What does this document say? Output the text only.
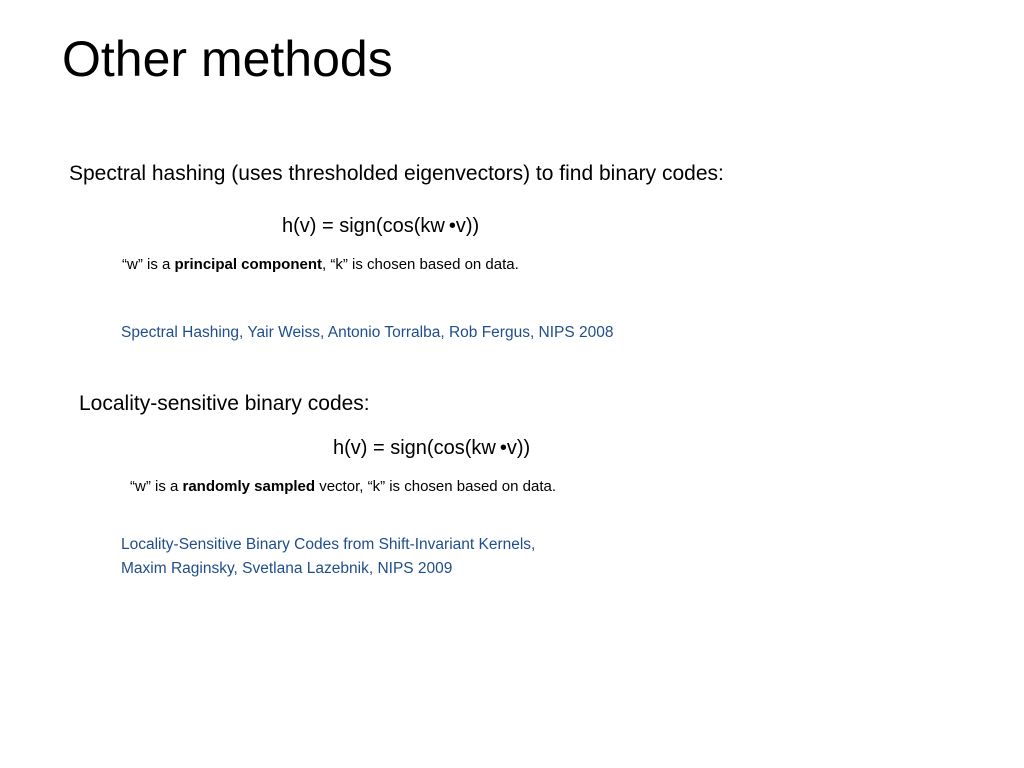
Other methods
Spectral hashing (uses thresholded eigenvectors) to find binary codes:
h(v) = sign(cos(kw •v))
“w” is a principal component, “k” is chosen based on data.
Spectral Hashing, Yair Weiss, Antonio Torralba, Rob Fergus, NIPS 2008
Locality-sensitive binary codes:
h(v) = sign(cos(kw •v))
“w” is a randomly sampled vector, “k” is chosen based on data.
Locality-Sensitive Binary Codes from Shift-Invariant Kernels,
Maxim Raginsky, Svetlana Lazebnik, NIPS 2009
